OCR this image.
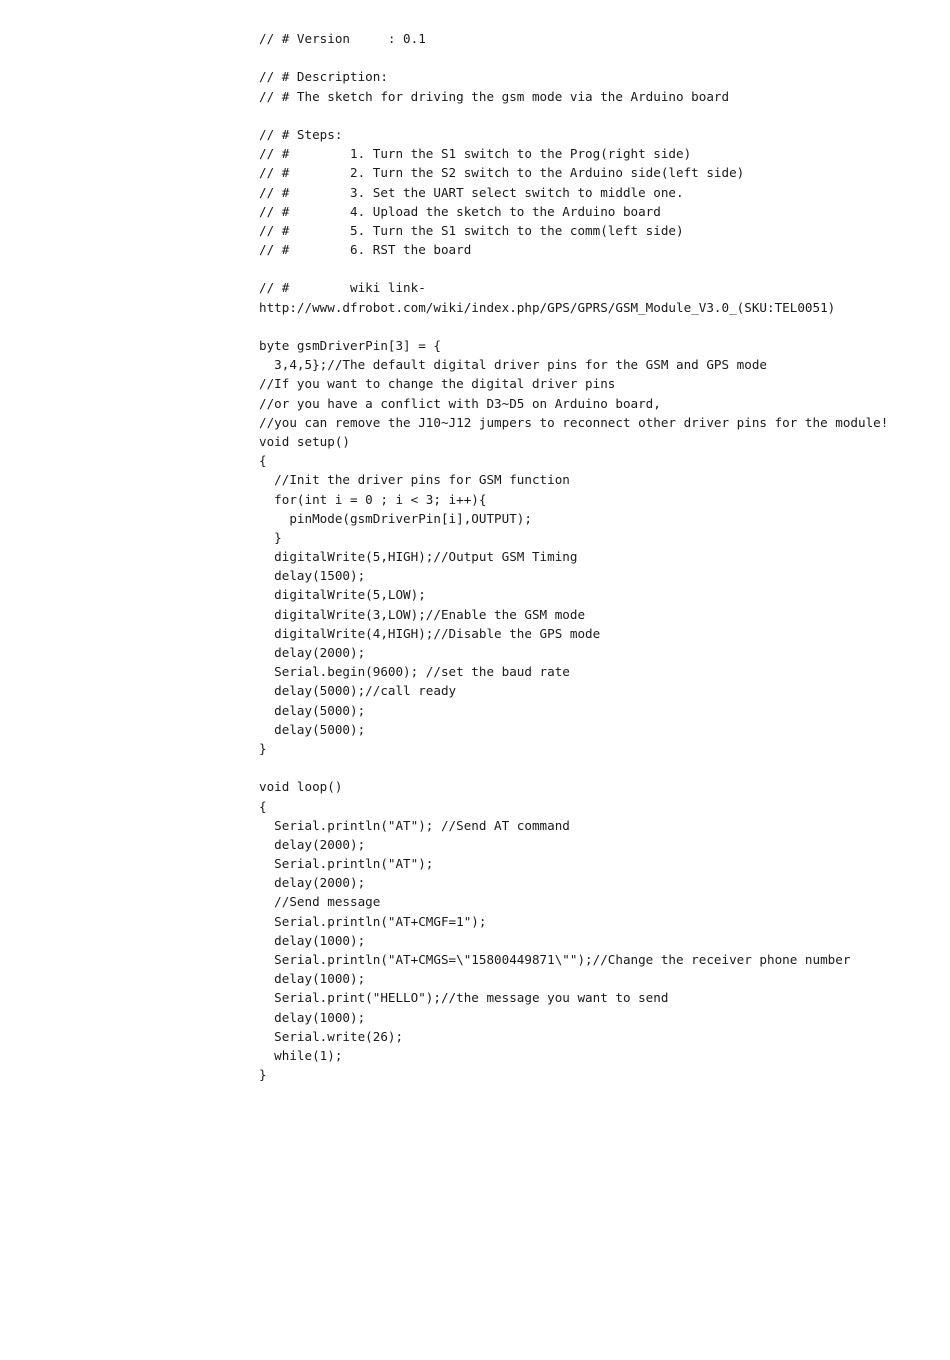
// # Version     : 0.1
// # Description:
// # The sketch for driving the gsm mode via the Arduino board
// # Steps:
// #        1. Turn the S1 switch to the Prog(right side)
// #        2. Turn the S2 switch to the Arduino side(left side)
// #        3. Set the UART select switch to middle one.
// #        4. Upload the sketch to the Arduino board
// #        5. Turn the S1 switch to the comm(left side)
// #        6. RST the board
// #        wiki link-
http://www.dfrobot.com/wiki/index.php/GPS/GPRS/GSM_Module_V3.0_(SKU:TEL0051)
byte gsmDriverPin[3] = {
3,4,5};//The default digital driver pins for the GSM and GPS mode
//If you want to change the digital driver pins
//or you have a conflict with D3~D5 on Arduino board,
//you can remove the J10~J12 jumpers to reconnect other driver pins for the module!
void setup()
{
//Init the driver pins for GSM function
for(int i = 0 ; i < 3; i++){
pinMode(gsmDriverPin[i],OUTPUT);
}
digitalWrite(5,HIGH);//Output GSM Timing
delay(1500);
digitalWrite(5,LOW);
digitalWrite(3,LOW);//Enable the GSM mode
digitalWrite(4,HIGH);//Disable the GPS mode
delay(2000);
Serial.begin(9600); //set the baud rate
delay(5000);//call ready
delay(5000);
delay(5000);
}
void loop()
{
Serial.println("AT"); //Send AT command
delay(2000);
Serial.println("AT");
delay(2000);
//Send message
Serial.println("AT+CMGF=1");
delay(1000);
Serial.println("AT+CMGS=\"15800449871\"");//Change the receiver phone number
delay(1000);
Serial.print("HELLO");//the message you want to send
delay(1000);
Serial.write(26);
while(1);
}
